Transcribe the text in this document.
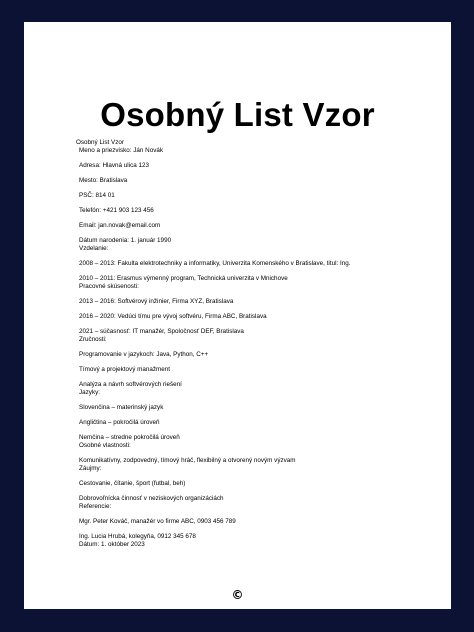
Osobný List Vzor
Osobný List Vzor
Meno a priezvisko: Ján Novák
Adresa: Hlavná ulica 123
Mesto: Bratislava
PSČ: 814 01
Telefón: +421 903 123 456
Email: jan.novak@email.com
Dátum narodenia: 1. január 1990
Vzdelanie:
2008 – 2013: Fakulta elektrotechniky a informatiky, Univerzita Komenského v Bratislave, titul: Ing.
2010 – 2011: Erasmus výmenný program, Technická univerzita v Mnichove
Pracovné skúsenosti:
2013 – 2016: Softvérový inžinier, Firma XYZ, Bratislava
2016 – 2020: Vedúci tímu pre vývoj softvéru, Firma ABC, Bratislava
2021 – súčasnosť: IT manažér, Spoločnosť DEF, Bratislava
Zručnosti:
Programovanie v jazykoch: Java, Python, C++
Tímový a projektový manažment
Analýza a návrh softvérových riešení
Jazyky:
Slovenčina – materinský jazyk
Angličtina – pokročilá úroveň
Nemčina – stredne pokročilá úroveň
Osobné vlastnosti:
Komunikatívny, zodpovedný, tímový hráč, flexibilný a otvorený novým výzvam
Záujmy:
Cestovanie, čítanie, šport (futbal, beh)
Dobrovoľnícka činnosť v neziskových organizáciách
Referencie:
Mgr. Peter Kováč, manažér vo firme ABC, 0903 456 789
Ing. Lucia Hrubá, kolegyňa, 0912 345 678
Dátum: 1. október 2023
©
